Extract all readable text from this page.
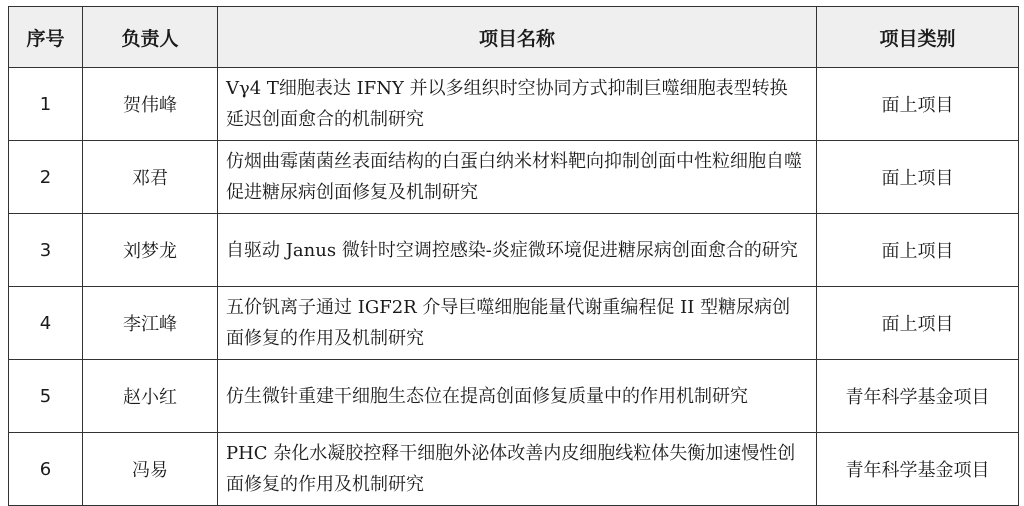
序号	负责人	项目名称	项目类别
1	贺伟峰	Vγ4 T细胞表达 IFNY 并以多组织时空协同方式抑制巨噬细胞表型转换延迟创面愈合的机制研究	面上项目
2	邓君	仿烟曲霉菌菌丝表面结构的白蛋白纳米材料靶向抑制创面中性粒细胞自噬促进糖尿病创面修复及机制研究	面上项目
3	刘梦龙	自驱动 Janus 微针时空调控感染-炎症微环境促进糖尿病创面愈合的研究	面上项目
4	李江峰	五价钒离子通过 IGF2R 介导巨噬细胞能量代谢重编程促 II 型糖尿病创面修复的作用及机制研究	面上项目
5	赵小红	仿生微针重建干细胞生态位在提高创面修复质量中的作用机制研究	青年科学基金项目
6	冯易	PHC 杂化水凝胶控释干细胞外泌体改善内皮细胞线粒体失衡加速慢性创面修复的作用及机制研究	青年科学基金项目
